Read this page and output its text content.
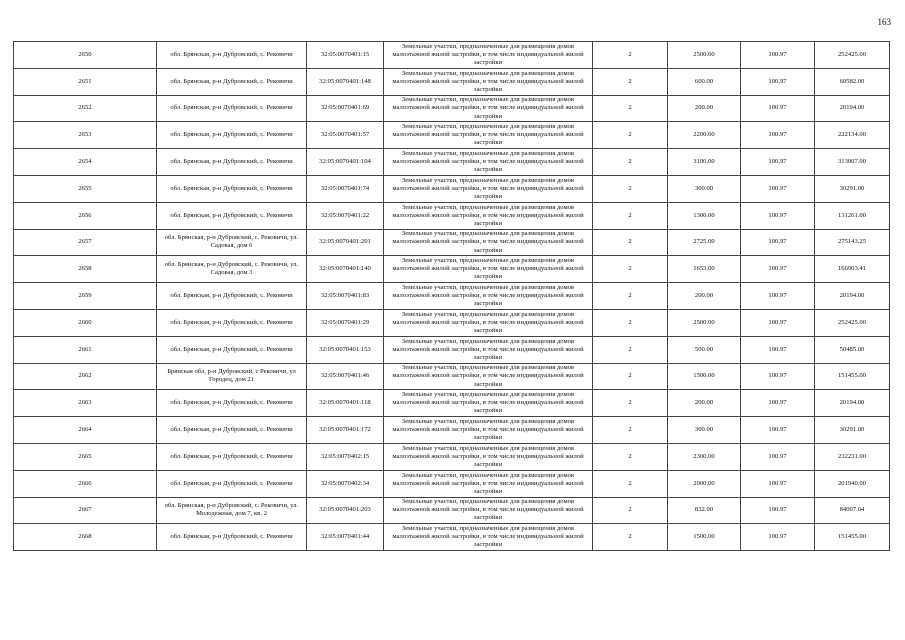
163
2650	обл. Брянская, р-н Дубровский, с. Рековичи	32:05:0070401:15	Земельные участки, предназначенные для размещения домов малоэтажной жилой застройки, в том числе индивидуальной жилой застройки	2	2500.00	100.97	252425.00
2651	обл. Брянская, р-н Дубровский, с. Рековичи	32:05:0070401:148	Земельные участки, предназначенные для размещения домов малоэтажной жилой застройки, в том числе индивидуальной жилой застройки	2	600.00	100.97	60582.00
2652	обл. Брянская, р-н Дубровский, с. Рековичи	32:05:0070401:69	Земельные участки, предназначенные для размещения домов малоэтажной жилой застройки, в том числе индивидуальной жилой застройки	2	200.00	100.97	20194.00
2653	обл. Брянская, р-н Дубровский, с. Рековичи	32:05:0070401:57	Земельные участки, предназначенные для размещения домов малоэтажной жилой застройки, в том числе индивидуальной жилой застройки	2	2200.00	100.97	222134.00
2654	обл. Брянская, р-н Дубровский, с. Рековичи	32:05:0070401:104	Земельные участки, предназначенные для размещения домов малоэтажной жилой застройки, в том числе индивидуальной жилой застройки	2	3100.00	100.97	313007.00
2655	обл. Брянская, р-н Дубровский, с. Рековичи	32:05:0070401:74	Земельные участки, предназначенные для размещения домов малоэтажной жилой застройки, в том числе индивидуальной жилой застройки	2	300.00	100.97	30291.00
2656	обл. Брянская, р-н Дубровский, с. Рековичи	32:05:0070401:22	Земельные участки, предназначенные для размещения домов малоэтажной жилой застройки, в том числе индивидуальной жилой застройки	2	1300.00	100.97	131261.00
2657	обл. Брянская, р-н Дубровский, с. Рековичи, ул. Садовая, дом 6	32:05:0070401:201	Земельные участки, предназначенные для размещения домов малоэтажной жилой застройки, в том числе индивидуальной жилой застройки	2	2725.00	100.97	275143.25
2658	обл. Брянская, р-н Дубровский, с. Рековичи, ул. Садовая, дом 3	32:05:0070401:140	Земельные участки, предназначенные для размещения домов малоэтажной жилой застройки, в том числе индивидуальной жилой застройки	2	1653.00	100.97	166903.41
2659	обл. Брянская, р-н Дубровский, с. Рековичи	32:05:0070401:83	Земельные участки, предназначенные для размещения домов малоэтажной жилой застройки, в том числе индивидуальной жилой застройки	2	200.00	100.97	20194.00
2660	обл. Брянская, р-н Дубровский, с. Рековичи	32:05:0070401:29	Земельные участки, предназначенные для размещения домов малоэтажной жилой застройки, в том числе индивидуальной жилой застройки	2	2500.00	100.97	252425.00
2661	обл. Брянская, р-н Дубровский, с. Рековичи	32:05:0070401:153	Земельные участки, предназначенные для размещения домов малоэтажной жилой застройки, в том числе индивидуальной жилой застройки	2	500.00	100.97	50485.00
2662	Брянская обл, р-н Дубровский, с Рековичи, ул Городец, дом 21	32:05:0070401:46	Земельные участки, предназначенные для размещения домов малоэтажной жилой застройки, в том числе индивидуальной жилой застройки	2	1500.00	100.97	151455.00
2663	обл. Брянская, р-н Дубровский, с. Рековичи	32:05:0070401:118	Земельные участки, предназначенные для размещения домов малоэтажной жилой застройки, в том числе индивидуальной жилой застройки	2	200.00	100.97	20194.00
2664	обл. Брянская, р-н Дубровский, с. Рековичи	32:05:0070401:172	Земельные участки, предназначенные для размещения домов малоэтажной жилой застройки, в том числе индивидуальной жилой застройки	2	300.00	100.97	30291.00
2665	обл. Брянская, р-н Дубровский, с. Рековичи	32:05:0070402:15	Земельные участки, предназначенные для размещения домов малоэтажной жилой застройки, в том числе индивидуальной жилой застройки	2	2300.00	100.97	232231.00
2666	обл. Брянская, р-н Дубровский, с. Рековичи	32:05:0070402:34	Земельные участки, предназначенные для размещения домов малоэтажной жилой застройки, в том числе индивидуальной жилой застройки	2	2000.00	100.97	201940.00
2667	обл. Брянская, р-н Дубровский, с. Рековичи, ул. Молодежная, дом 7, кв. 2	32:05:0070401:203	Земельные участки, предназначенные для размещения домов малоэтажной жилой застройки, в том числе индивидуальной жилой застройки	2	832.00	100.97	84007.04
2668	обл. Брянская, р-н Дубровский, с. Рековичи	32:05:0070401:44	Земельные участки, предназначенные для размещения домов малоэтажной жилой застройки, в том числе индивидуальной жилой застройки	2	1500.00	100.97	151455.00
